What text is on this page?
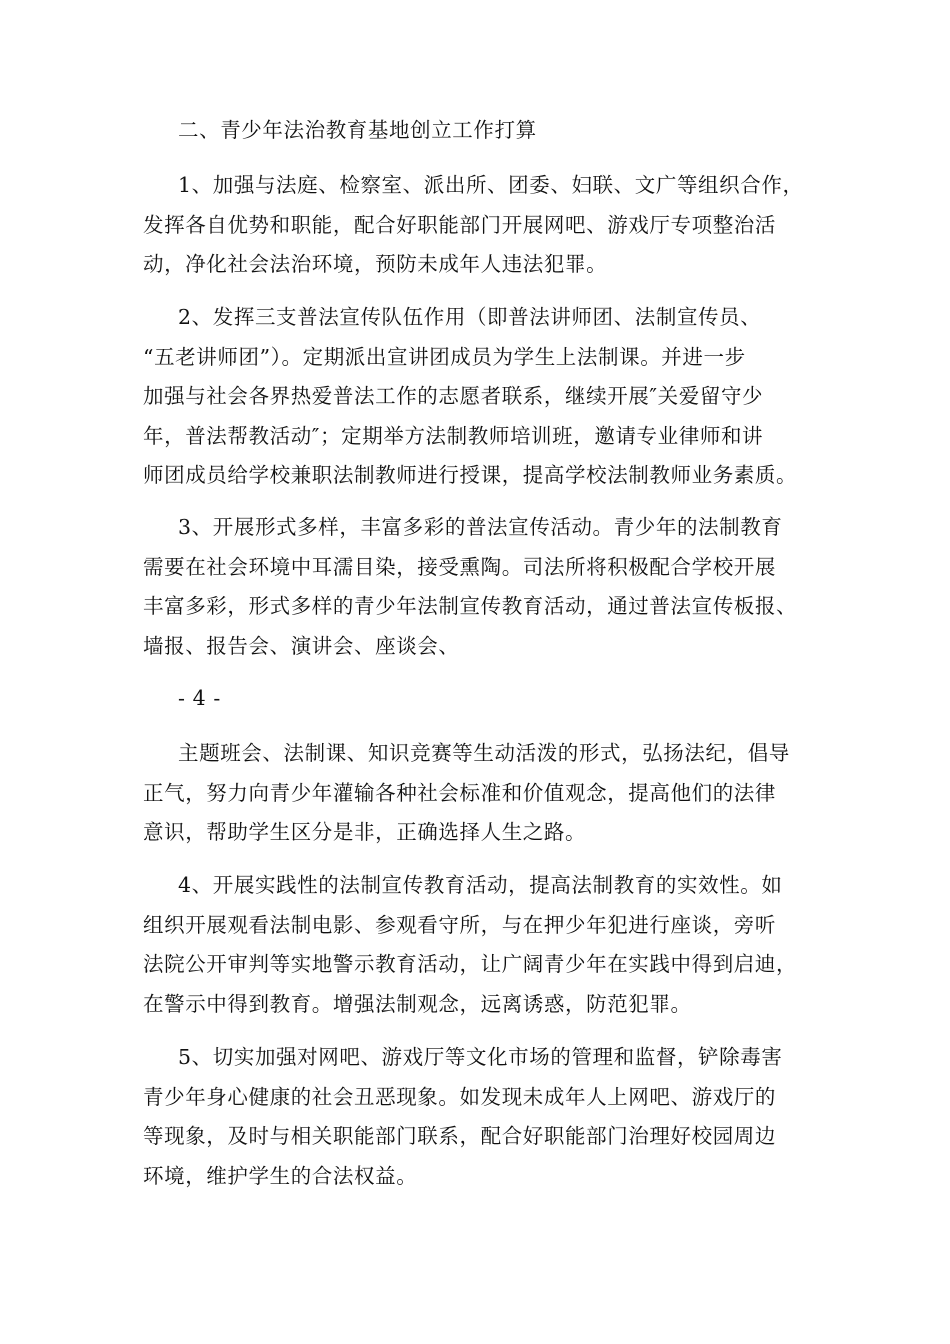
二、青少年法治教育基地创立工作打算
1、加强与法庭、检察室、派出所、团委、妇联、文广等组织合作，
发挥各自优势和职能，配合好职能部门开展网吧、游戏厅专项整治活
动，净化社会法治环境，预防未成年人违法犯罪。
2、发挥三支普法宣传队伍作用（即普法讲师团、法制宣传员、
“五老讲师团”）。定期派出宣讲团成员为学生上法制课。并进一步
加强与社会各界热爱普法工作的志愿者联系，继续开展″关爱留守少
年，普法帮教活动″；定期举方法制教师培训班，邀请专业律师和讲
师团成员给学校兼职法制教师进行授课，提高学校法制教师业务素质。
3、开展形式多样，丰富多彩的普法宣传活动。青少年的法制教育
需要在社会环境中耳濡目染，接受熏陶。司法所将积极配合学校开展
丰富多彩，形式多样的青少年法制宣传教育活动，通过普法宣传板报、
墙报、报告会、演讲会、座谈会、
- 4 -
主题班会、法制课、知识竞赛等生动活泼的形式，弘扬法纪，倡导
正气，努力向青少年灌输各种社会标准和价值观念，提高他们的法律
意识，帮助学生区分是非，正确选择人生之路。
4、开展实践性的法制宣传教育活动，提高法制教育的实效性。如
组织开展观看法制电影、参观看守所，与在押少年犯进行座谈，旁听
法院公开审判等实地警示教育活动，让广阔青少年在实践中得到启迪，
在警示中得到教育。增强法制观念，远离诱惑，防范犯罪。
5、切实加强对网吧、游戏厅等文化市场的管理和监督，铲除毒害
青少年身心健康的社会丑恶现象。如发现未成年人上网吧、游戏厅的
等现象，及时与相关职能部门联系，配合好职能部门治理好校园周边
环境，维护学生的合法权益。
